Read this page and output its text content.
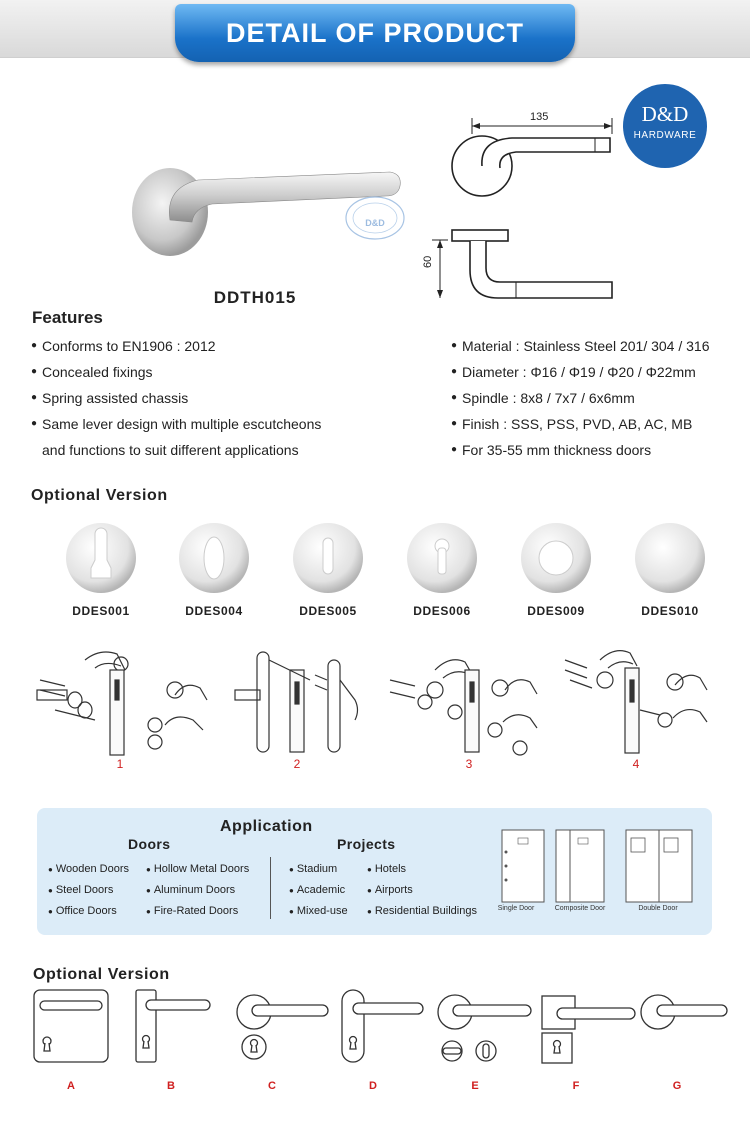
DETAIL OF PRODUCT
D&D
HARDWARE
D&D
135
60
DDTH015
Features
● Conforms to EN1906 : 2012
● Concealed fixings
● Spring assisted chassis
● Same lever design with multiple escutcheons
and functions to suit different applications
● Material : Stainless Steel 201/ 304 / 316
● Diameter : Φ16 / Φ19 / Φ20 / Φ22mm
● Spindle : 8x8 / 7x7 / 6x6mm
● Finish : SSS, PSS, PVD, AB, AC, MB
● For 35-55 mm thickness doors
Optional Version
DDES001	DDES004	DDES005	DDES006	DDES009	DDES010
1	2	3	4
Application
Doors	Projects
● Wooden Doors ● Hollow Metal Doors
● Steel Doors	● Aluminum Doors
● Office Doors	● Fire-Rated Doors
● Stadium	● Hotels
● Academic	● Airports
● Mixed-use ● Residential Buildings	Single Door	Composite Door	Double Door
Optional Version
A	B	C	D	E	F	G
